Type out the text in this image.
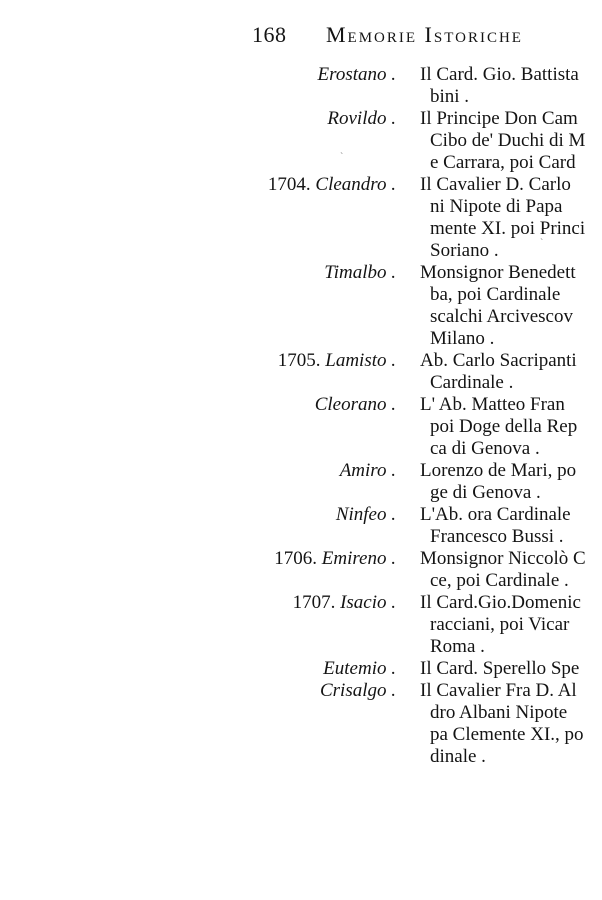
168 Memorie Istoriche
Erostano . Il Card. Gio. Battista
bini .
Rovildo . Il Principe Don Cam
Cibo de' Duchi di M
e Carrara, poi Card
1704. Cleandro . Il Cavalier D. Carlo
ni Nipote di Papa
mente XI. poi Princi
Soriano .
Timalbo . Monsignor Benedett
ba, poi Cardinale
scalchi Arcivescov
Milano .
1705. Lamisto . Ab. Carlo Sacripanti
Cardinale .
Cleorano . L' Ab. Matteo Fran
poi Doge della Rep
ca di Genova .
Amiro . Lorenzo de Mari, po
ge di Genova .
Ninfeo . L'Ab. ora Cardinale
Francesco Bussi .
1706. Emireno . Monsignor Niccolò C
ce, poi Cardinale .
1707. Isacio . Il Card.Gio.Domenic
racciani, poi Vicar
Roma .
Eutemio . Il Card. Sperello Spe
Crisalgo . Il Cavalier Fra D. Al
dro Albani Nipote
pa Clemente XI., po
dinale .
ˋ
ˋ
